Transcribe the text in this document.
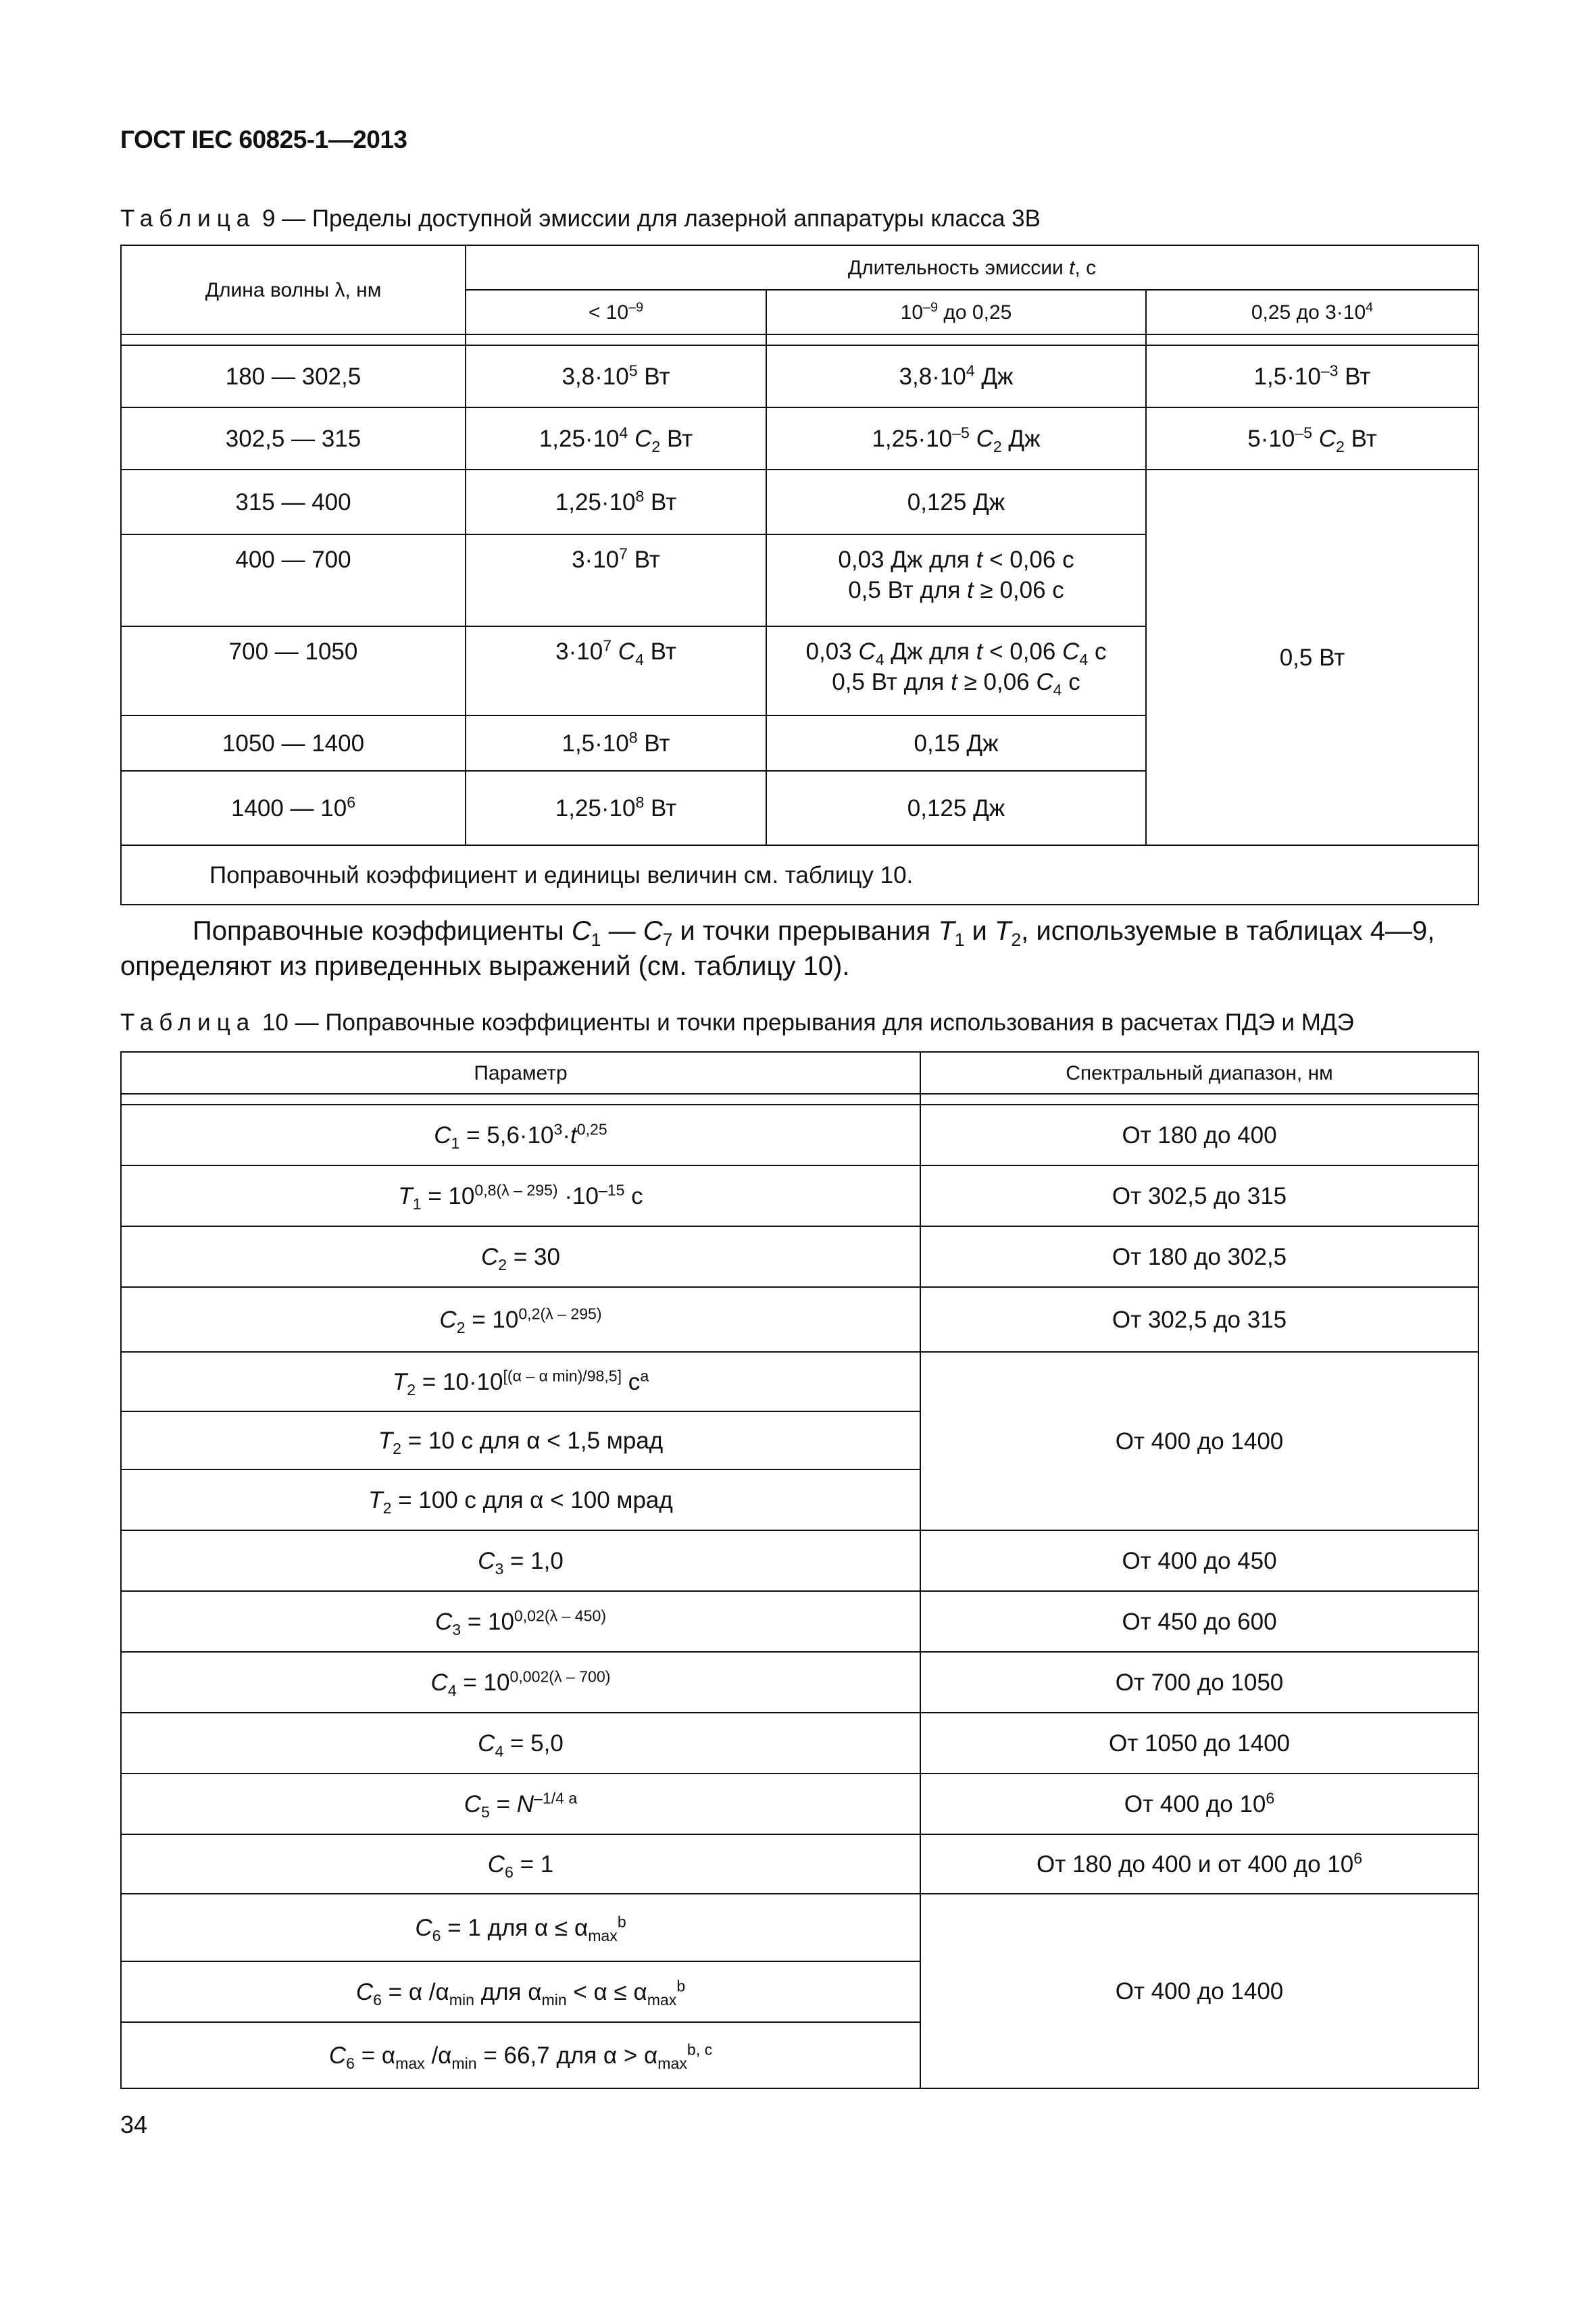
ГОСТ IEC 60825-1—2013
Таблица 9 — Пределы доступной эмиссии для лазерной аппаратуры класса 3B
Длина волны λ, нм	Длительность эмиссии t, с		
	< $10^{-9}$	$10^{-9}$ до 0,25	0,25 до $3\cdot 10^4$

180 — 302,5	$3,8\cdot 10^5$ Вт	$3,8\cdot 10^4$ Дж	$1,5\cdot 10^{-3}$ Вт
302,5 — 315	$1,25\cdot 10^4$ $C_2$ Вт	$1,25\cdot 10^{-5}$ $C_2$ Дж	$5\cdot 10^{-5}$ $C_2$ Вт
315 — 400	$1,25\cdot 10^8$ Вт	0,125 Дж	0,5 Вт
400 — 700	$3\cdot 10^7$ Вт	0,03 Дж для t < 0,06 с
0,5 Вт для t ≥ 0,06 с	

700 — 1050	$3\cdot 10^7$ $C_4$ Вт	0,03 $C_4$ Дж для t < 0,06 $C_4$ с
0,5 Вт для t ≥ 0,06 $C_4$ с	

1050 — 1400	$1,5\cdot 10^8$ Вт	0,15 Дж	
1400 — $10^6$	$1,25\cdot 10^8$ Вт	0,125 Дж	
Поправочный коэффициент и единицы величин см. таблицу 10.			
Поправочные коэффициенты $C_1$ — $C_7$ и точки прерывания $T_1$ и $T_2$, используемые в таблицах 4—9, определяют из приведенных выражений (см. таблицу 10).
Таблица 10 — Поправочные коэффициенты и точки прерывания для использования в расчетах ПДЭ и МДЭ
Параметр	Спектральный диапазон, нм

$C_1 = 5,6\cdot 10^3\cdot t^{0,25}$	От 180 до 400
$T_1 = 10^{0,8(\lambda - 295)} \cdot 10^{-15}$ с	От 302,5 до 315
$C_2 = 30$	От 180 до 302,5
$C_2 = 10^{0,2(\lambda - 295)}$	От 302,5 до 315
$T_2 = 10\cdot 10[(\alpha - \alpha \min)/98,5]$ $с^a$	От 400 до 1400
$T_2 = 10$ с для α < 1,5 мрад	
$T_2 = 100$ с для α < 100 мрад	
$C_3 = 1,0$	От 400 до 450
$C_3 = 10^{0,02(\lambda - 450)}$	От 450 до 600
$C_4 = 10^{0,002(\lambda - 700)}$	От 700 до 1050
$C_4 = 5,0$	От 1050 до 1400
$C_5 = N^{-1/4 a}$	От 400 до $10^6$
$C_6 = 1$	От 180 до 400 и от 400 до $10^6$
$C_6 = 1$ для $\alpha \le \alpha_{max}^b$	От 400 до 1400
$C_6 = \alpha$ $/\alpha_{min}$ для $\alpha_{min} < \alpha \le \alpha_{max}^b$
$C_6 = \alpha_{max}$ $/\alpha_{min} = 66,7$ для $\alpha > \alpha_{max}^{b, c}$
34
